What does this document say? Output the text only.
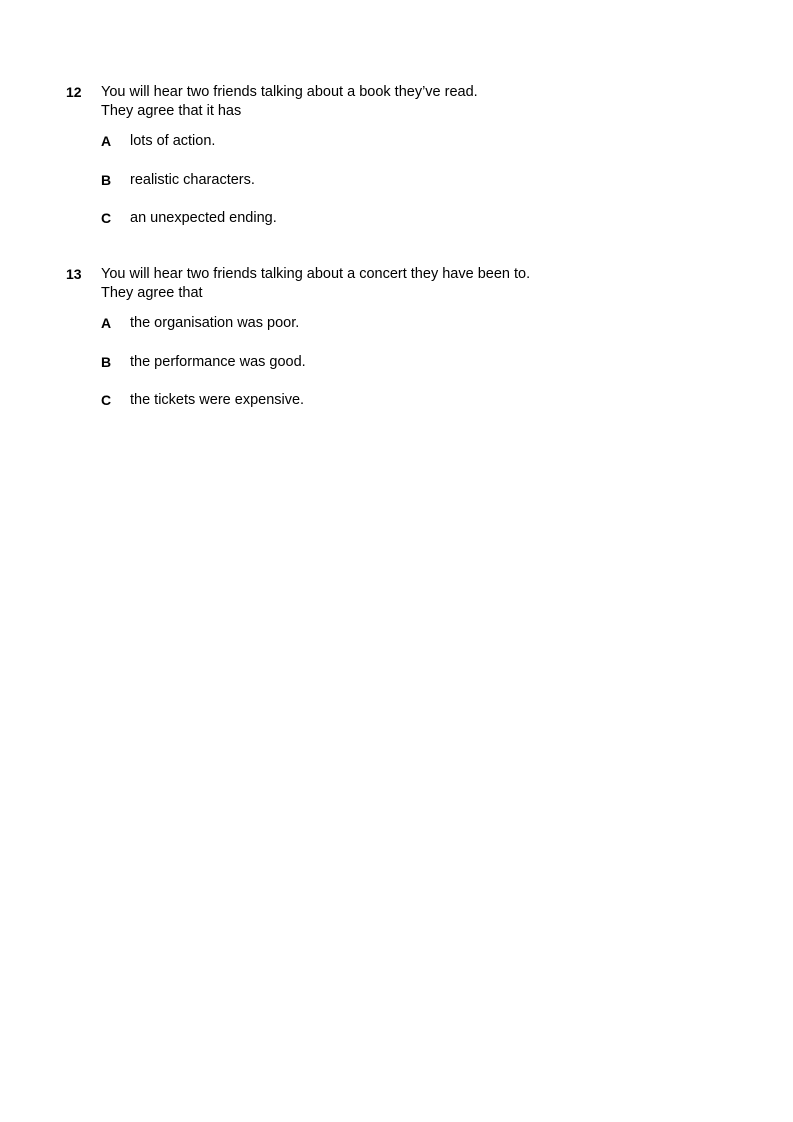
12 You will hear two friends talking about a book they’ve read.
They agree that it has
A lots of action.
B realistic characters.
C an unexpected ending.
13 You will hear two friends talking about a concert they have been to.
They agree that
A the organisation was poor.
B the performance was good.
C the tickets were expensive.
